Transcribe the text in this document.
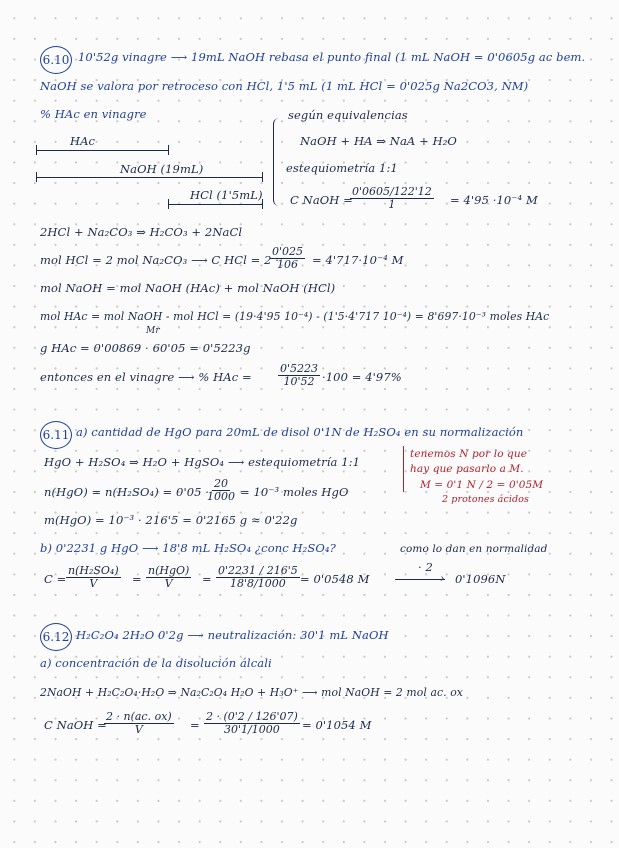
6.10 10'52g vinagre ⟶ 19mL NaOH rebasa el punto final (1 mL NaOH = 0'0605g ac bem.
NaOH se valora por retroceso con HCl, 1'5 mL (1 mL HCl = 0'025g Na2CO3, NM)
% HAc en vinagre
HAc
NaOH (19mL)
HCl (1'5mL)
según equivalencias
NaOH + HA ⇒ NaA + H₂O
estequiometría 1:1
C NaOH =
$\frac{0'0605/122'12}{1} = 4'95 \cdot 10^{-4}$ M
2HCl + Na₂CO₃ ⇒ H₂CO₃ + 2NaCl
mol HCl = 2 mol Na₂CO₃ ⟶ C HCl = 2 ·
$\frac{0'025}{106} = 4'717\cdot 10^{-4}$ M
mol NaOH = mol NaOH (HAc) + mol NaOH (HCl)
mol HAc = mol NaOH - mol HCl = (19·4'95 10⁻⁴) - (1'5·4'717 10⁻⁴) = 8'697·10⁻³ moles HAc
Mr
g HAc = 0'00869 · 60'05 = 0'5223g
entonces en el vinagre ⟶ % HAc = $\frac{0'5223}{10'52} \cdot 100 = 4'97\%$
6.11 a) cantidad de HgO para 20mL de disol 0'1N de H₂SO₄ en su normalización
HgO + H₂SO₄ ⇒ H₂O + HgSO₄ ⟶ estequiometría 1:1
n(HgO) = n(H₂SO₄) = 0'05 ·
$\frac{20}{1000} = 10^{-3}$ moles HgO
m(HgO) = 10⁻³ · 216'5 = 0'2165 g ≈ 0'22g
tenemos N por lo que
hay que pasarlo a M.
M = 0'1 N / 2 = 0'05M
2 protones ácidos
b) 0'2231 g HgO ⟶ 18'8 mL H₂SO₄ ¿conc H₂SO₄?	como lo dan en normalidad
$C = \frac{\text{n(H₂SO₄)}}{V}$ =
n(HgO)
V	= $\frac{0'2231 / 216'5}{18'8/1000} = 0'0548$ M
· 2
› 0'1096N
6.12 H₂C₂O₄ 2H₂O 0'2g ⟶ neutralización: 30'1 mL NaOH
a) concentración de la disolución álcali
2NaOH + H₂C₂O₄·H₂O ⇒ Na₂C₂O₄ H₂O + H₃O⁺ ⟶ mol NaOH = 2 mol ac. ox
C NaOH =
$\frac{2 \cdot n(ac. ox)}{V} = \frac{2 \cdot (0'2 / 126'07)}{30'1/1000} = 0'1054$ M
